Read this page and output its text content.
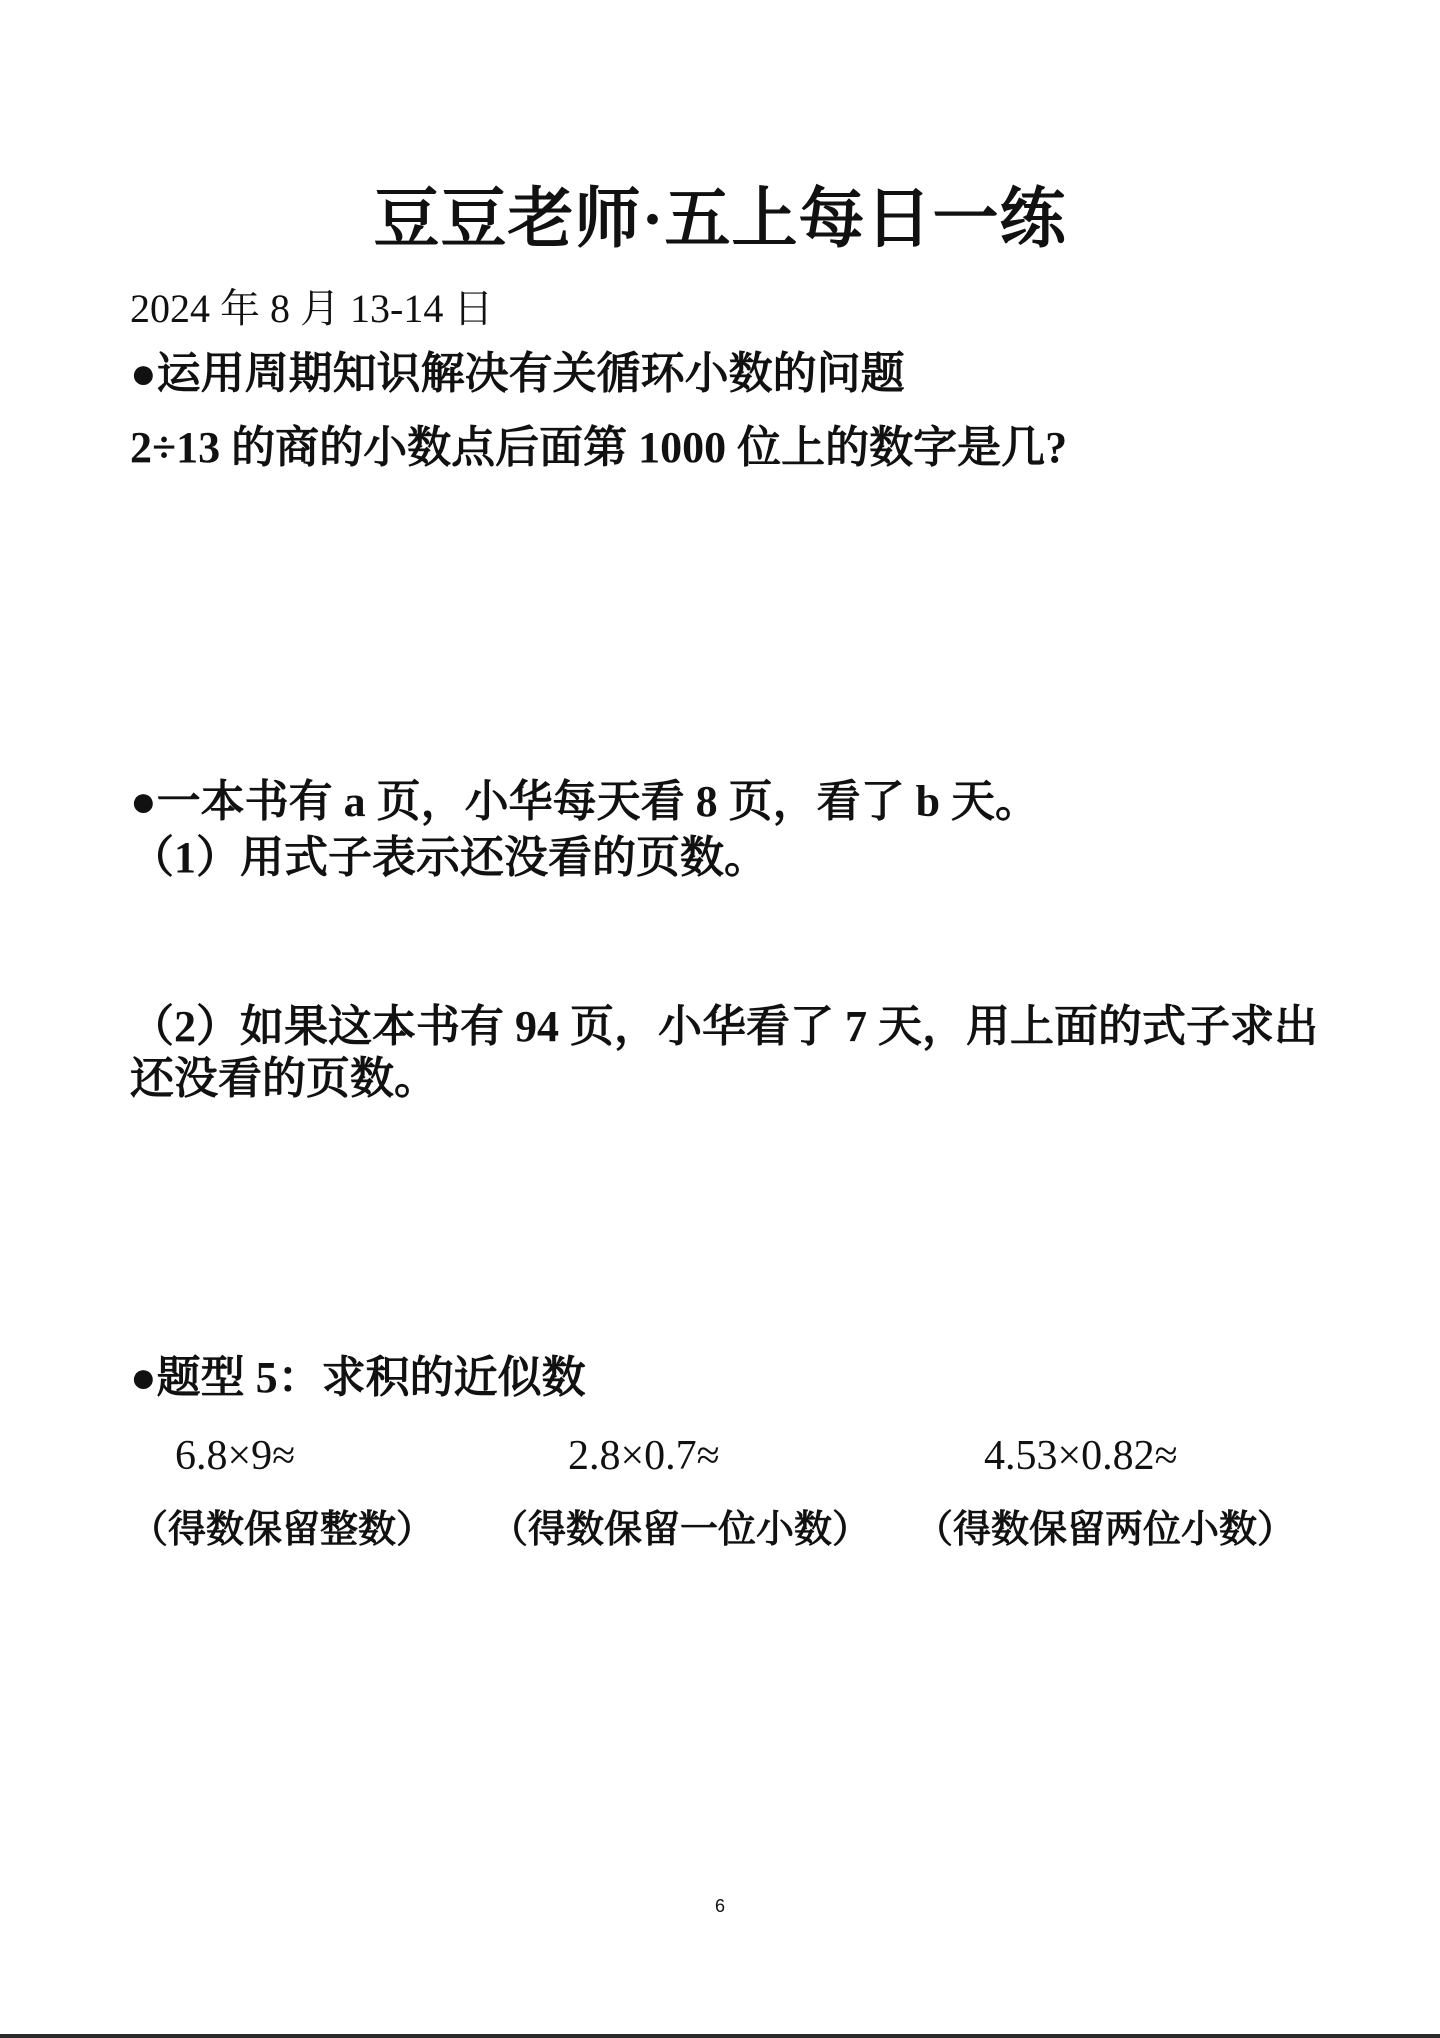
豆豆老师·五上每日一练
2024 年 8 月 13-14 日
●运用周期知识解决有关循环小数的问题
2÷13 的商的小数点后面第 1000 位上的数字是几?
●一本书有 a 页，小华每天看 8 页，看了 b 天。
（1）用式子表示还没看的页数。
（2）如果这本书有 94 页，小华看了 7 天，用上面的式子求出
还没看的页数。
●题型 5：求积的近似数
6.8×9≈	2.8×0.7≈	4.53×0.82≈
（得数保留整数） （得数保留一位小数） （得数保留两位小数）
6
